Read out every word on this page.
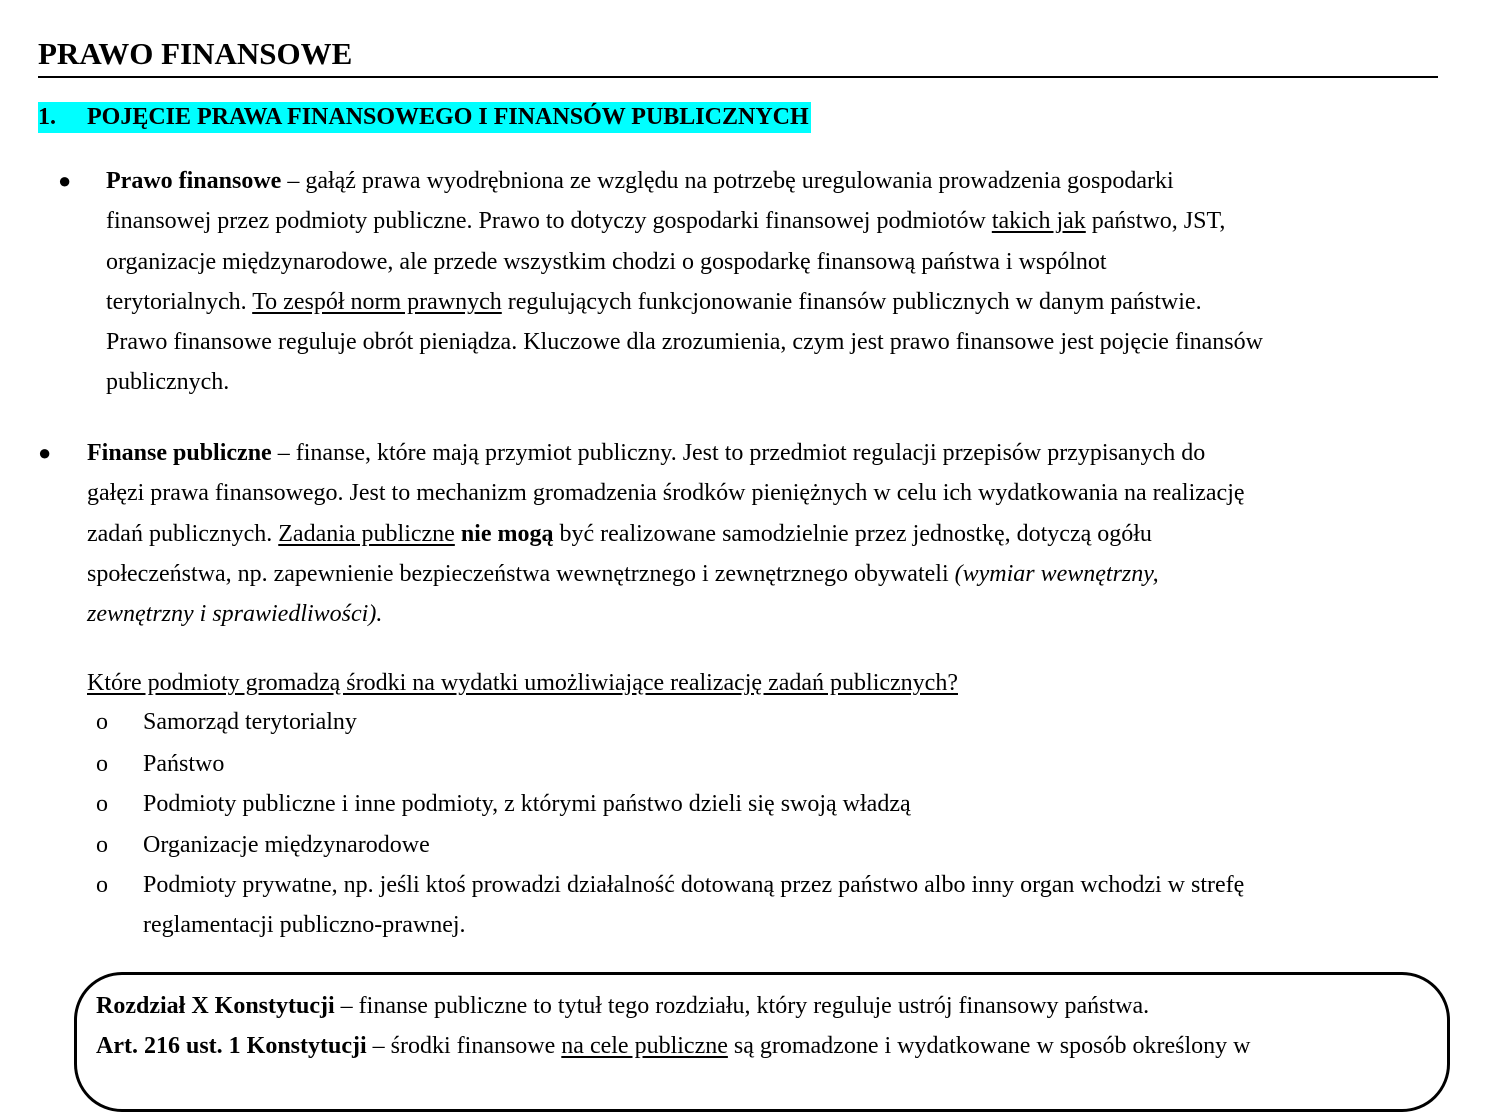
PRAWO FINANSOWE
1. POJĘCIE PRAWA FINANSOWEGO I FINANSÓW PUBLICZNYCH
● Prawo finansowe – gałąź prawa wyodrębniona ze względu na potrzebę uregulowania prowadzenia gospodarki
finansowej przez podmioty publiczne. Prawo to dotyczy gospodarki finansowej podmiotów takich jak państwo, JST,
organizacje międzynarodowe, ale przede wszystkim chodzi o gospodarkę finansową państwa i wspólnot
terytorialnych. To zespół norm prawnych regulujących funkcjonowanie finansów publicznych w danym państwie.
Prawo finansowe reguluje obrót pieniądza. Kluczowe dla zrozumienia, czym jest prawo finansowe jest pojęcie finansów
publicznych.
● Finanse publiczne – finanse, które mają przymiot publiczny. Jest to przedmiot regulacji przepisów przypisanych do
gałęzi prawa finansowego. Jest to mechanizm gromadzenia środków pieniężnych w celu ich wydatkowania na realizację
zadań publicznych. Zadania publiczne nie mogą być realizowane samodzielnie przez jednostkę, dotyczą ogółu
społeczeństwa, np. zapewnienie bezpieczeństwa wewnętrznego i zewnętrznego obywateli (wymiar wewnętrzny,
zewnętrzny i sprawiedliwości).
Które podmioty gromadzą środki na wydatki umożliwiające realizację zadań publicznych?
o Samorząd terytorialny
o Państwo
o Podmioty publiczne i inne podmioty, z którymi państwo dzieli się swoją władzą
o Organizacje międzynarodowe
o Podmioty prywatne, np. jeśli ktoś prowadzi działalność dotowaną przez państwo albo inny organ wchodzi w strefę
reglamentacji publiczno-prawnej.
Rozdział X Konstytucji – finanse publiczne to tytuł tego rozdziału, który reguluje ustrój finansowy państwa.
Art. 216 ust. 1 Konstytucji – środki finansowe na cele publiczne są gromadzone i wydatkowane w sposób określony w
